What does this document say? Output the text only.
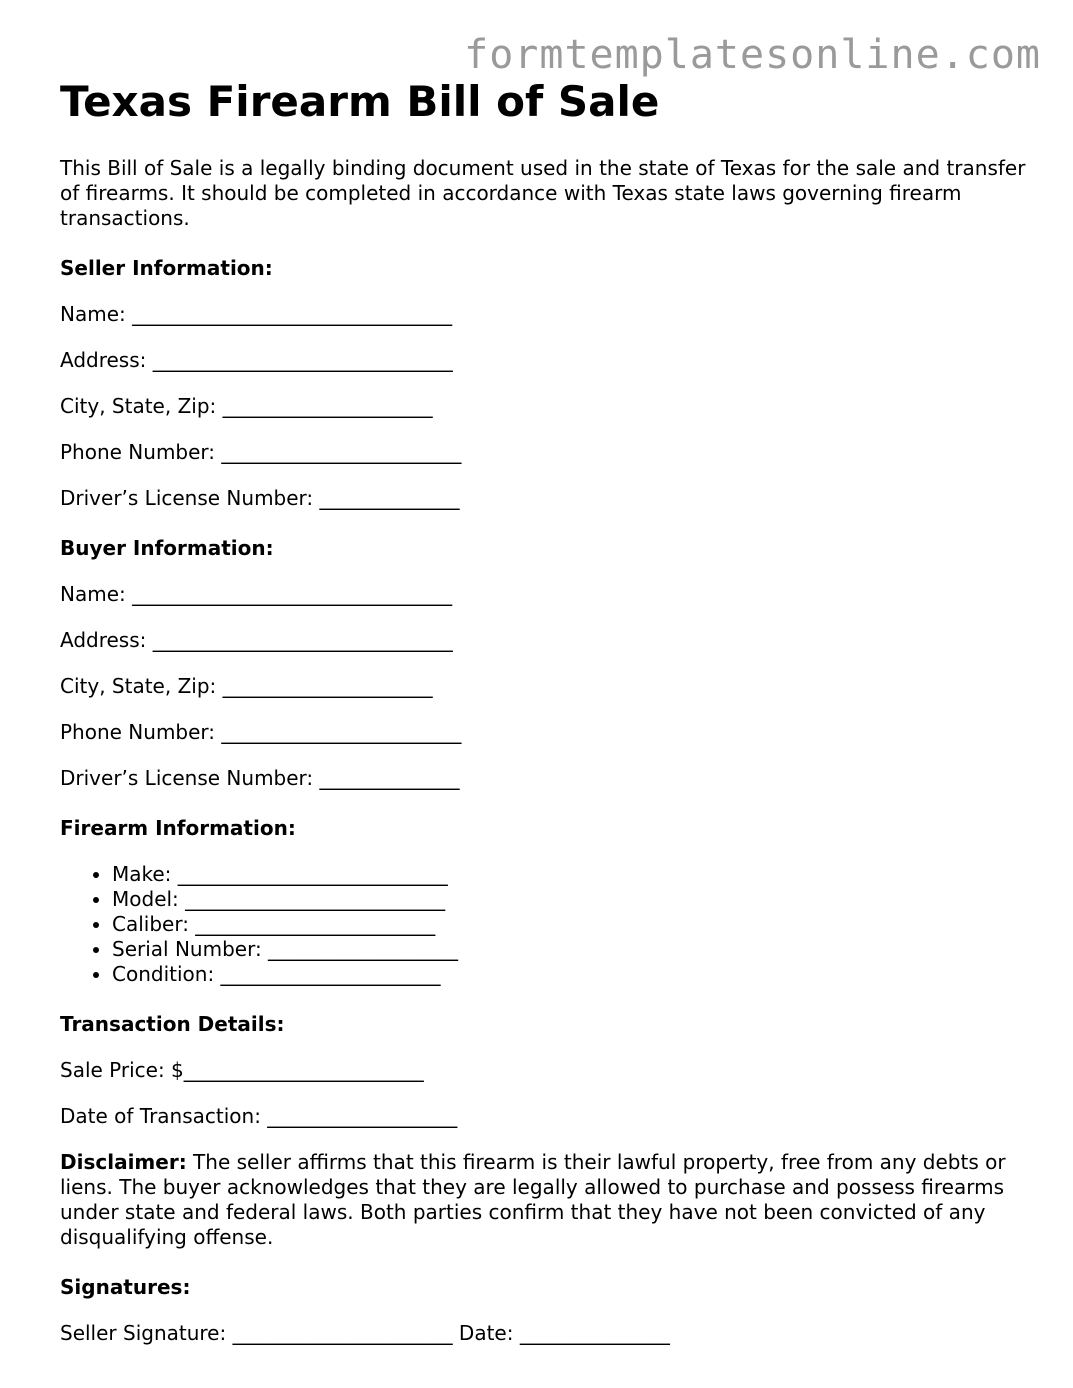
formtemplatesonline.com
Texas Firearm Bill of Sale

This Bill of Sale is a legally binding document used in the state of Texas for the sale and transfer of firearms. It should be completed in accordance with Texas state laws governing firearm transactions.

Seller Information:
Name: ________________________________
Address: ______________________________
City, State, Zip: _____________________
Phone Number: ________________________
Driver’s License Number: ______________
Buyer Information:
Name: ________________________________
Address: ______________________________
City, State, Zip: _____________________
Phone Number: ________________________
Driver’s License Number: ______________
Firearm Information:
• Make: ___________________________
• Model: __________________________
• Caliber: ________________________
• Serial Number: ___________________
• Condition: ______________________
Transaction Details:
Sale Price: $________________________
Date of Transaction: ___________________

Disclaimer: The seller affirms that this firearm is their lawful property, free from any debts or liens. The buyer acknowledges that they are legally allowed to purchase and possess firearms under state and federal laws. Both parties confirm that they have not been convicted of any disqualifying offense.

Signatures:
Seller Signature: ______________________ Date: _______________
